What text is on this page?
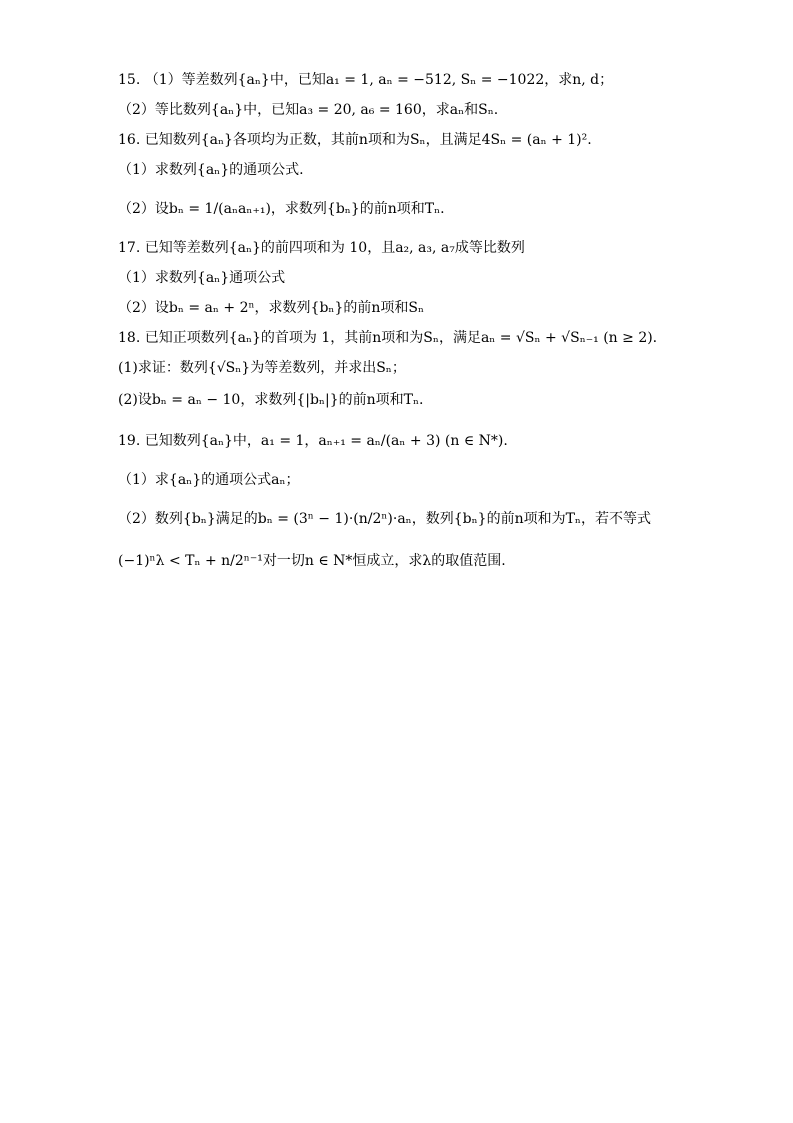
15. （1）等差数列{aₙ}中，已知a₁ = 1, aₙ = −512, Sₙ = −1022，求n, d；
（2）等比数列{aₙ}中，已知a₃ = 20, a₆ = 160，求aₙ和Sₙ.
16. 已知数列{aₙ}各项均为正数，其前n项和为Sₙ，且满足4Sₙ = (aₙ + 1)².
（1）求数列{aₙ}的通项公式.
（2）设bₙ = 1/(aₙaₙ₊₁)，求数列{bₙ}的前n项和Tₙ.
17. 已知等差数列{aₙ}的前四项和为 10，且a₂, a₃, a₇成等比数列
（1）求数列{aₙ}通项公式
（2）设bₙ = aₙ + 2ⁿ，求数列{bₙ}的前n项和Sₙ
18. 已知正项数列{aₙ}的首项为 1，其前n项和为Sₙ，满足aₙ = √Sₙ + √Sₙ₋₁ (n ≥ 2).
(1)求证：数列{√Sₙ}为等差数列，并求出Sₙ；
(2)设bₙ = aₙ − 10，求数列{|bₙ|}的前n项和Tₙ.
19. 已知数列{aₙ}中，a₁ = 1，aₙ₊₁ = aₙ/(aₙ + 3) (n ∈ N*).
（1）求{aₙ}的通项公式aₙ；
（2）数列{bₙ}满足的bₙ = (3ⁿ − 1)·(n/2ⁿ)·aₙ，数列{bₙ}的前n项和为Tₙ，若不等式
(−1)ⁿλ < Tₙ + n/2ⁿ⁻¹对一切n ∈ N*恒成立，求λ的取值范围.
